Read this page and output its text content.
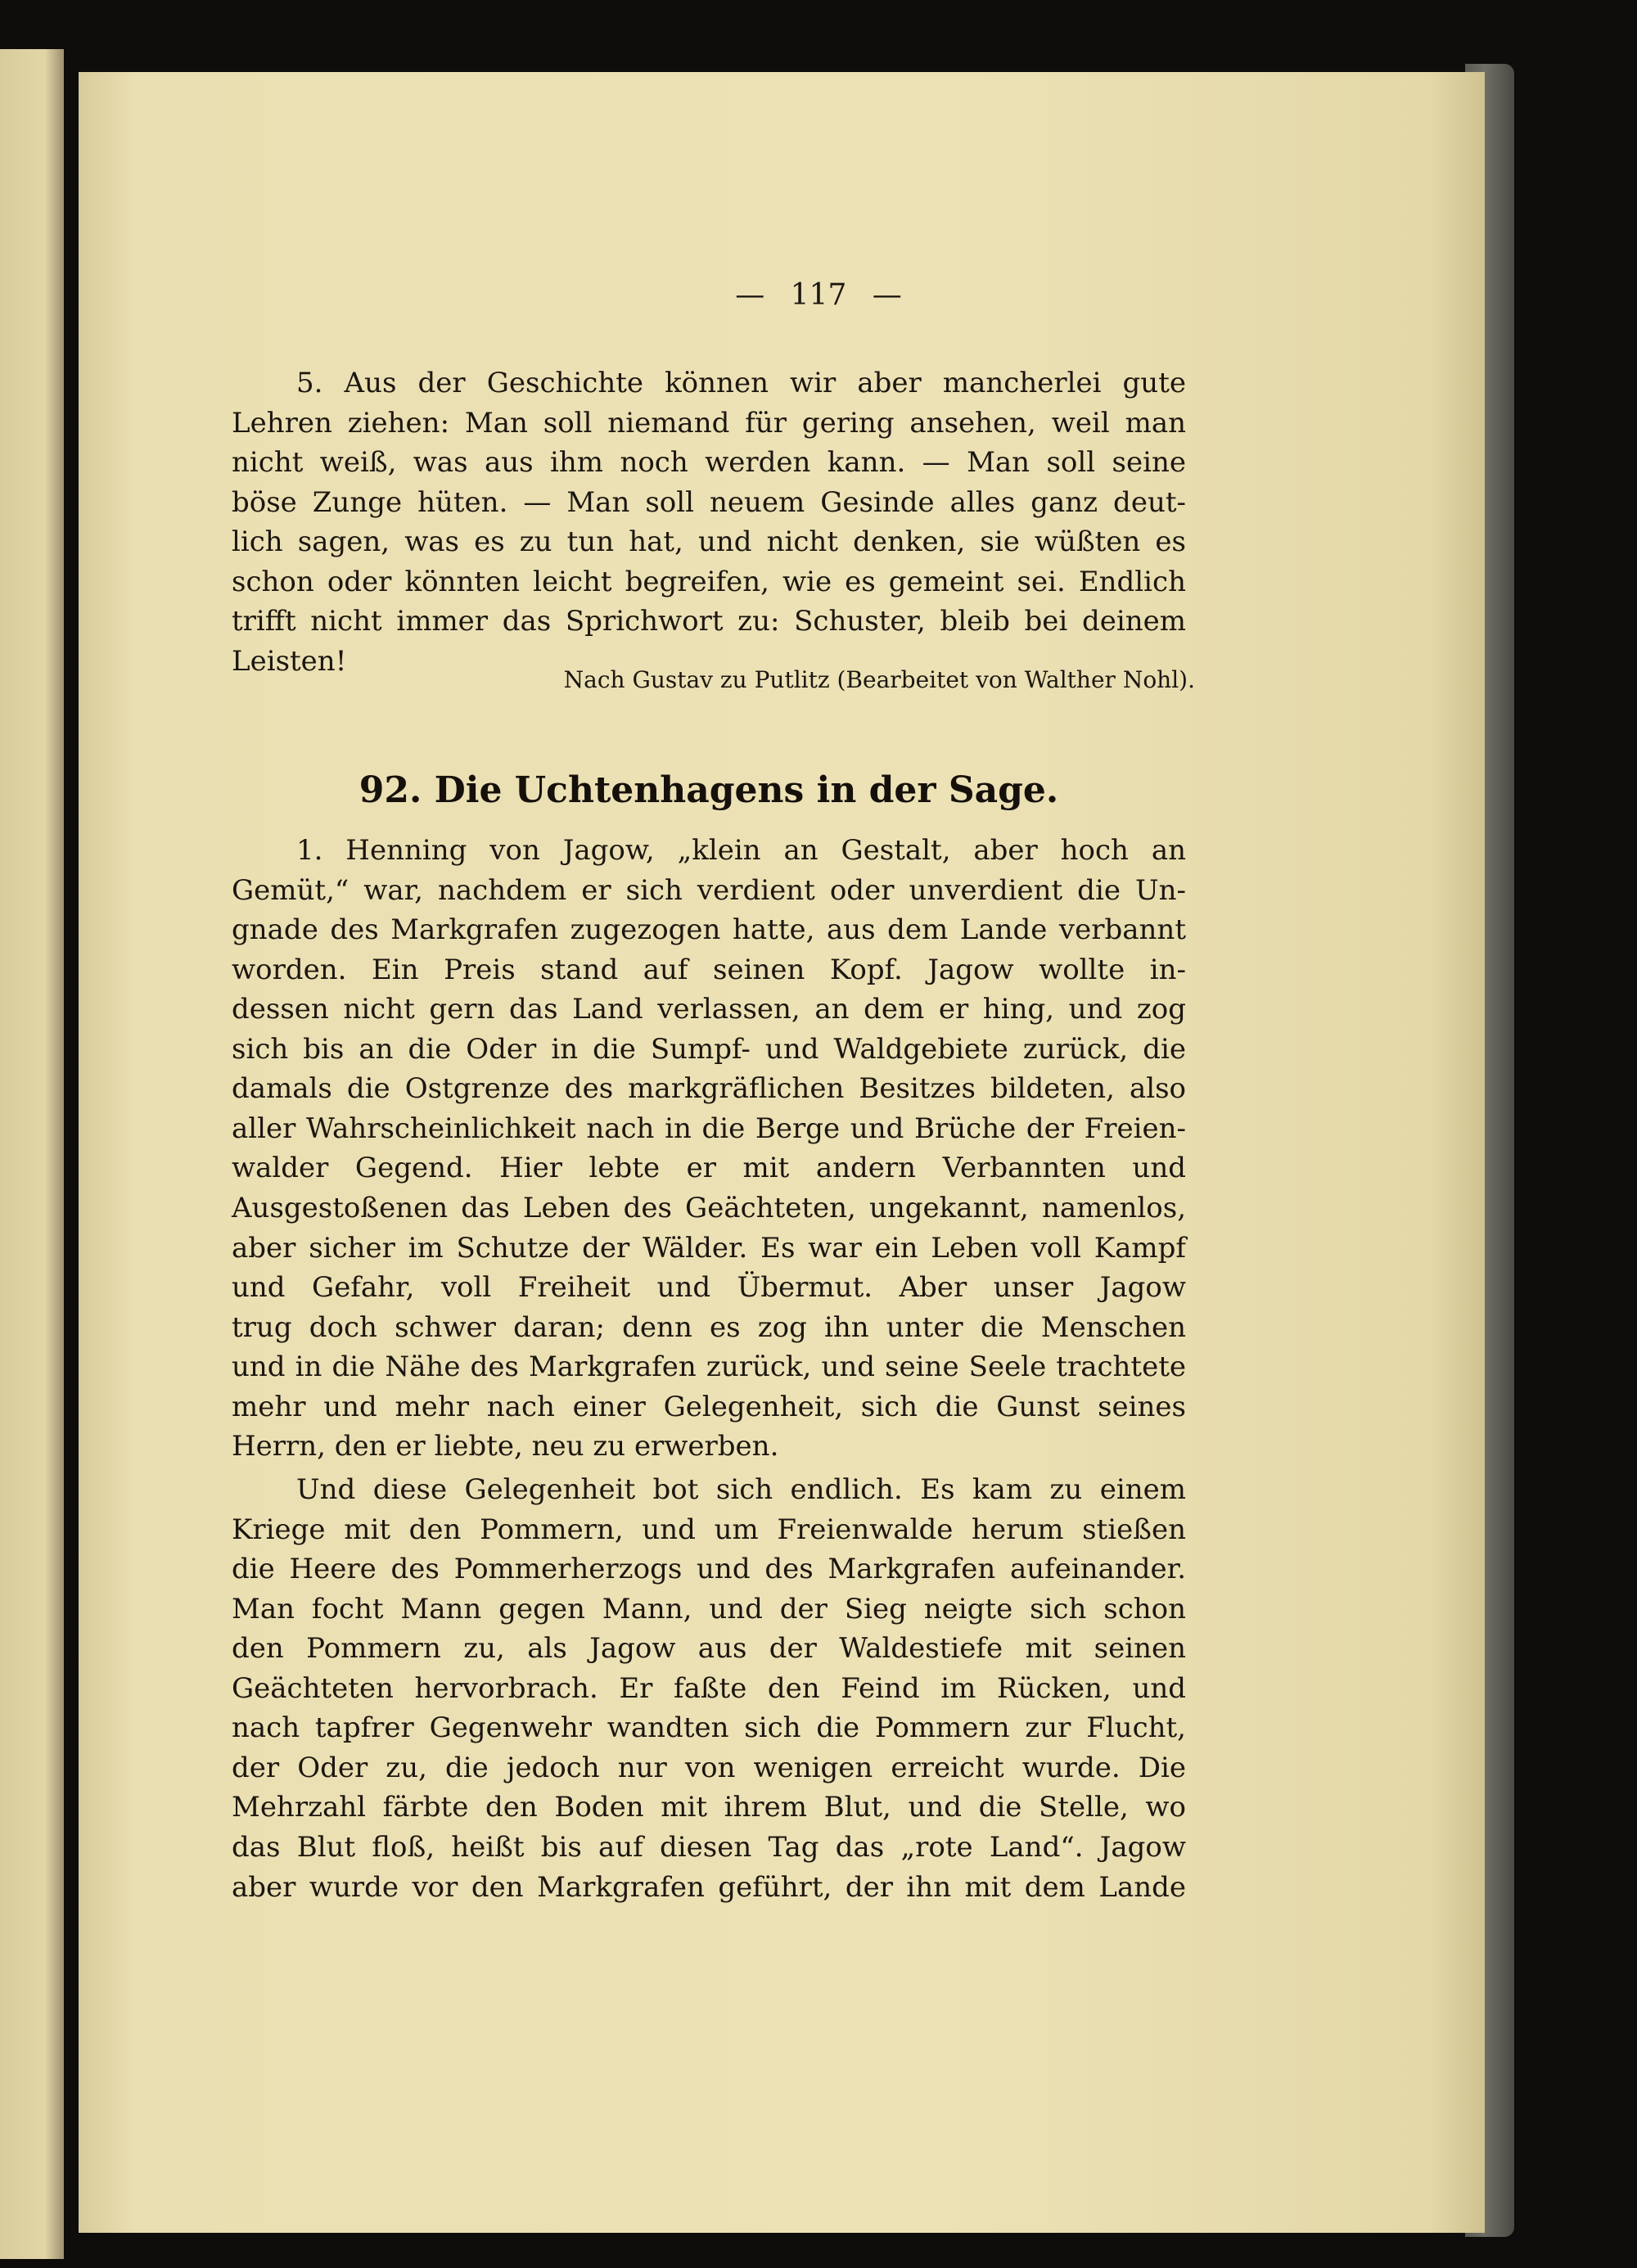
— 117 —
5. Aus der Geschichte können wir aber mancherlei gute
Lehren ziehen: Man soll niemand für gering ansehen, weil man
nicht weiß, was aus ihm noch werden kann. — Man soll seine
böse Zunge hüten. — Man soll neuem Gesinde alles ganz deut-
lich sagen, was es zu tun hat, und nicht denken, sie wüßten es
schon oder könnten leicht begreifen, wie es gemeint sei. Endlich
trifft nicht immer das Sprichwort zu: Schuster, bleib bei deinem
Leisten!
1. Henning von Jagow, „klein an Gestalt, aber hoch an
Gemüt,“ war, nachdem er sich verdient oder unverdient die Un-
gnade des Markgrafen zugezogen hatte, aus dem Lande verbannt
worden. Ein Preis stand auf seinen Kopf. Jagow wollte in-
dessen nicht gern das Land verlassen, an dem er hing, und zog
sich bis an die Oder in die Sumpf- und Waldgebiete zurück, die
damals die Ostgrenze des markgräflichen Besitzes bildeten, also
aller Wahrscheinlichkeit nach in die Berge und Brüche der Freien-
walder Gegend. Hier lebte er mit andern Verbannten und
Ausgestoßenen das Leben des Geächteten, ungekannt, namenlos,
aber sicher im Schutze der Wälder. Es war ein Leben voll Kampf
und Gefahr, voll Freiheit und Übermut. Aber unser Jagow
trug doch schwer daran; denn es zog ihn unter die Menschen
und in die Nähe des Markgrafen zurück, und seine Seele trachtete
mehr und mehr nach einer Gelegenheit, sich die Gunst seines
Herrn, den er liebte, neu zu erwerben.
Und diese Gelegenheit bot sich endlich. Es kam zu einem
Kriege mit den Pommern, und um Freienwalde herum stießen
die Heere des Pommerherzogs und des Markgrafen aufeinander.
Man focht Mann gegen Mann, und der Sieg neigte sich schon
den Pommern zu, als Jagow aus der Waldestiefe mit seinen
Geächteten hervorbrach. Er faßte den Feind im Rücken, und
nach tapfrer Gegenwehr wandten sich die Pommern zur Flucht,
der Oder zu, die jedoch nur von wenigen erreicht wurde. Die
Mehrzahl färbte den Boden mit ihrem Blut, und die Stelle, wo
das Blut floß, heißt bis auf diesen Tag das „rote Land“. Jagow
aber wurde vor den Markgrafen geführt, der ihn mit dem Lande
Nach Gustav zu Putlitz (Bearbeitet von Walther Nohl).
92. Die Uchtenhagens in der Sage.
